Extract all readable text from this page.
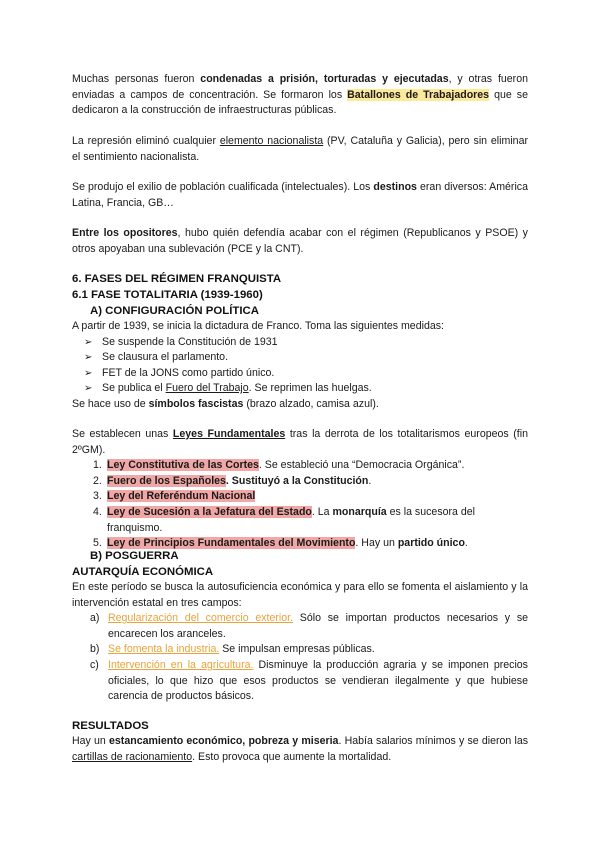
Muchas personas fueron condenadas a prisión, torturadas y ejecutadas, y otras fueron enviadas a campos de concentración. Se formaron los Batallones de Trabajadores que se dedicaron a la construcción de infraestructuras públicas.

La represión eliminó cualquier elemento nacionalista (PV, Cataluña y Galicia), pero sin eliminar el sentimiento nacionalista.

Se produjo el exilio de población cualificada (intelectuales). Los destinos eran diversos: América Latina, Francia, GB…

Entre los opositores, hubo quién defendía acabar con el régimen (Republicanos y PSOE) y otros apoyaban una sublevación (PCE y la CNT).

6. FASES DEL RÉGIMEN FRANQUISTA
6.1 FASE TOTALITARIA (1939-1960)
A) CONFIGURACIÓN POLÍTICA

A partir de 1939, se inicia la dictadura de Franco. Toma las siguientes medidas:

➢ Se suspende la Constitución de 1931
➢ Se clausura el parlamento.
➢ FET de la JONS como partido único.
➢ Se publica el Fuero del Trabajo. Se reprimen las huelgas.

Se hace uso de símbolos fascistas (brazo alzado, camisa azul).

Se establecen unas Leyes Fundamentales tras la derrota de los totalitarismos europeos (fin 2ºGM).

1. Ley Constitutiva de las Cortes. Se estableció una “Democracia Orgánica”.
2. Fuero de los Españoles. Sustituyó a la Constitución.
3. Ley del Referéndum Nacional
4. Ley de Sucesión a la Jefatura del Estado. La monarquía es la sucesora del franquismo.
5. Ley de Principios Fundamentales del Movimiento. Hay un partido único.
B) POSGUERRA
AUTARQUÍA ECONÓMICA

En este período se busca la autosuficiencia económica y para ello se fomenta el aislamiento y la intervención estatal en tres campos:

a) Regularización del comercio exterior. Sólo se importan productos necesarios y se encarecen los aranceles.
b) Se fomenta la industria. Se impulsan empresas públicas.
c) Intervención en la agricultura. Disminuye la producción agraria y se imponen precios oficiales, lo que hizo que esos productos se vendieran ilegalmente y que hubiese carencia de productos básicos.
RESULTADOS

Hay un estancamiento económico, pobreza y miseria. Había salarios mínimos y se dieron las cartillas de racionamiento. Esto provoca que aumente la mortalidad.
